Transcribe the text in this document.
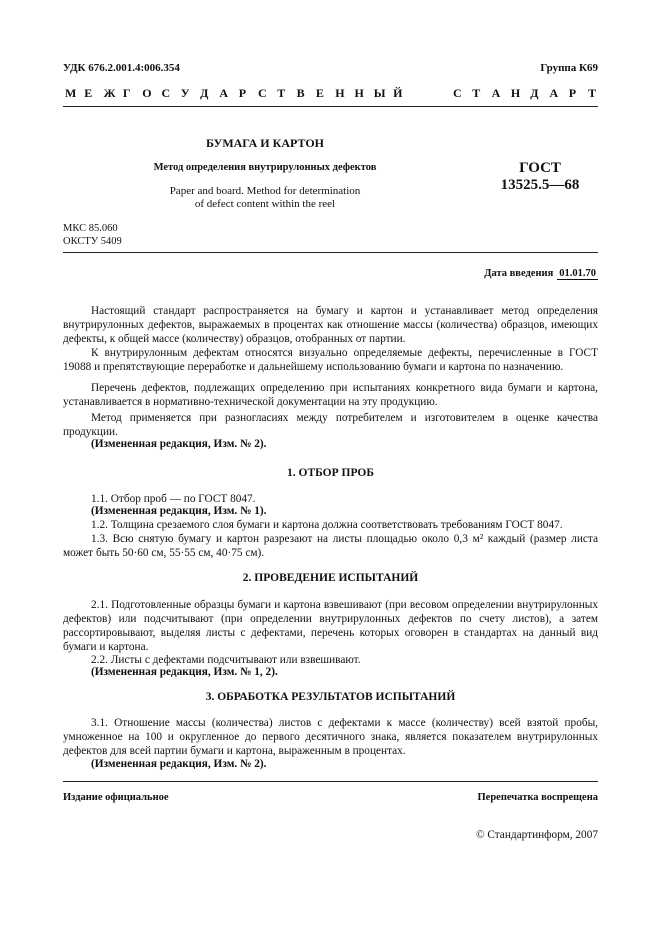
УДК 676.2.001.4:006.354	Группа К69
М Е Ж Г О С У Д А Р С Т В Е Н Н Ы Й	С Т А Н Д А Р Т
БУМАГА И КАРТОН
Метод определения внутрирулонных дефектов
Paper and board. Method for determination
of defect content within the reel
ГОСТ
13525.5—68
МКС 85.060
ОКСТУ 5409
Дата введения 01.01.70
Настоящий стандарт распространяется на бумагу и картон и устанавливает метод определения внутрирулонных дефектов, выражаемых в процентах как отношение массы (количества) образцов, имеющих дефекты, к общей массе (количеству) образцов, отобранных от партии.
К внутрирулонным дефектам относятся визуально определяемые дефекты, перечисленные в ГОСТ 19088 и препятствующие переработке и дальнейшему использованию бумаги и картона по назначению.
Перечень дефектов, подлежащих определению при испытаниях конкретного вида бумаги и картона, устанавливается в нормативно-технической документации на эту продукцию.
Метод применяется при разногласиях между потребителем и изготовителем в оценке качества продукции.
(Измененная редакция, Изм. № 2).
1. ОТБОР ПРОБ
1.1. Отбор проб — по ГОСТ 8047.
(Измененная редакция, Изм. № 1).
1.2. Толщина срезаемого слоя бумаги и картона должна соответствовать требованиям ГОСТ 8047.
1.3. Всю снятую бумагу и картон разрезают на листы площадью около 0,3 м² каждый (размер листа может быть 50·60 см, 55·55 см, 40·75 см).
2. ПРОВЕДЕНИЕ ИСПЫТАНИЙ
2.1. Подготовленные образцы бумаги и картона взвешивают (при весовом определении внутрирулонных дефектов) или подсчитывают (при определении внутрирулонных дефектов по счету листов), а затем рассортировывают, выделяя листы с дефектами, перечень которых оговорен в стандартах на данный вид бумаги и картона.
2.2. Листы с дефектами подсчитывают или взвешивают.
(Измененная редакция, Изм. № 1, 2).
3. ОБРАБОТКА РЕЗУЛЬТАТОВ ИСПЫТАНИЙ
3.1. Отношение массы (количества) листов с дефектами к массе (количеству) всей взятой пробы, умноженное на 100 и округленное до первого десятичного знака, является показателем внутрирулонных дефектов для всей партии бумаги и картона, выраженным в процентах.
(Измененная редакция, Изм. № 2).
Издание официальное	Перепечатка воспрещена
© Стандартинформ, 2007
